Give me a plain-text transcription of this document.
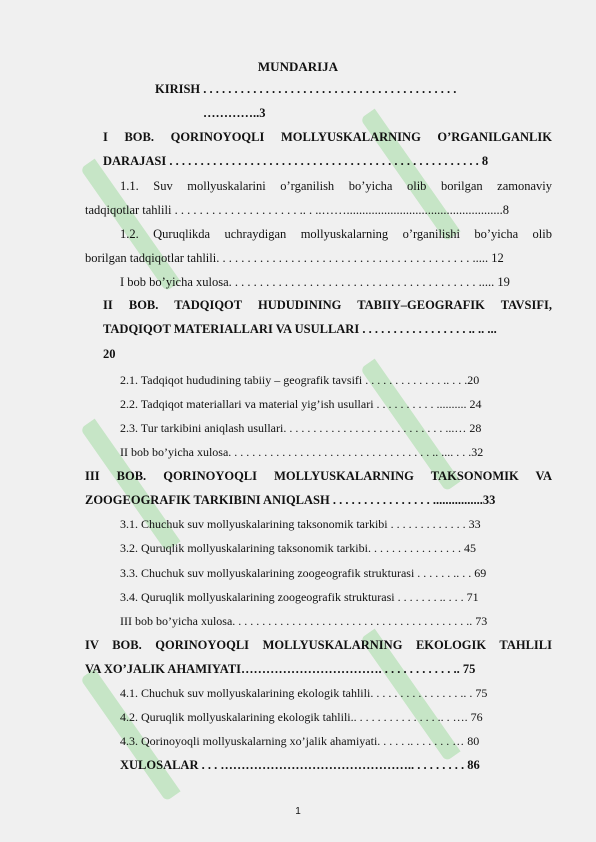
MUNDARIJA
KIRISH . . . . . . . . . . . . . . . . . . . . . . . . . . . . . . . . . . . . . . . . .
…………..3
I BOB. QORINOYOQLI MOLLYUSKALARNING O’RGANILGANLIK
DARAJASI . . . . . . . . . . . . . . . . . . . . . . . . . . . . . . . . . . . . . . . . . . . . . . . . . . 8
1.1. Suv mollyuskalarini o’rganilish bo’yicha olib borilgan zamonaviy
tadqiqotlar tahlili . . . . . . . . . . . . . . . . . . . . .. . ..……..................................................8
1.2. Quruqlikda uchraydigan mollyuskalarning o’rganilishi bo’yicha olib
borilgan tadqiqotlar tahlili. . . . . . . . . . . . . . . . . . . . . . . . . . . . . . . . . . . . . . . . . ..... 12
I bob bo’yicha xulosa. . . . . . . . . . . . . . . . . . . . . . . . . . . . . . . . . . . . . . . . ..... 19
II BOB. TADQIQOT HUDUDINING TABIIY–GEOGRAFIK TAVSIFI,
TADQIQOT MATERIALLARI VA USULLARI . . . . . . . . . . . . . . . . . .. .. ...
20
2.1. Tadqiqot hududining tabiiy – geografik tavsifi . . . . . . . . . . . . . .. . . .20
2.2. Tadqiqot materiallari va material yig’ish usullari . . . . . . . . . . .......... 24
2.3. Tur tarkibini aniqlash usullari. . . . . . . . . . . . . . . . . . . . . . . . . . . ...… 28
II bob bo’yicha xulosa. . . . . . . . . . . . . . . . . . . . . . . . . . . . . . . . . . .. .... . . .32
III BOB. QORINOYOQLI MOLLYUSKALARNING TAKSONOMIK VA
ZOOGEOGRAFIK TARKIBINI ANIQLASH . . . . . . . . . . . . . . . . ................33
3.1. Chuchuk suv mollyuskalarining taksonomik tarkibi . . . . . . . . . . . . . 33
3.2. Quruqlik mollyuskalarining taksonomik tarkibi. . . . . . . . . . . . . . . . 45
3.3. Chuchuk suv mollyuskalarining zoogeografik strukturasi . . . . . . .. . . 69
3.4. Quruqlik mollyuskalarining zoogeografik strukturasi . . . . . . . .. . . . 71
III bob bo’yicha xulosa. . . . . . . . . . . . . . . . . . . . . . . . . . . . . . . . . . . . . . . .. 73
IV BOB. QORINOYOQLI MOLLYUSKALARNING EKOLOGIK TAHLILI
VA XO’JALIK AHAMIYATI……………………………. . . . . . . . . . . . .. 75
4.1. Chuchuk suv mollyuskalarining ekologik tahlili. . . . . . . . . . . . . . . .. . 75
4.2. Quruqlik mollyuskalarining ekologik tahlili.. . . . . . . . . . . . . . .. . …. 76
4.3. Qorinoyoqli mollyuskalarning xo’jalik ahamiyati. . . . . .. . . . . . . … 80
XULOSALAR . . . ……………………………………….. . . . . . . . . 86
1
